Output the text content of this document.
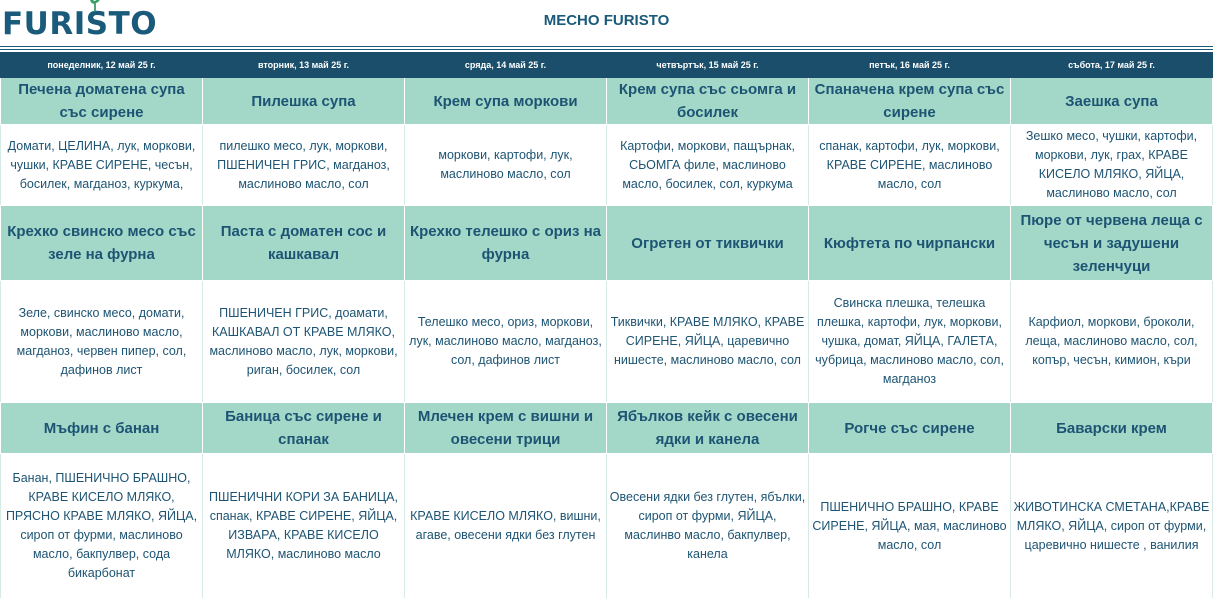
FURISTO	МЕСНО FURISTO
понеделник, 12 май 25 г.	вторник, 13 май 25 г.	сряда, 14 май 25 г.	четвъртък, 15 май 25 г.	петък, 16 май 25 г.	събота, 17 май 25 г.
Печена доматена супа със сирене	Пилешка супа	Крем супа моркови	Крем супа със сьомга и босилек	Спаначена крем супа със сирене	Заешка супа
Домати, ЦЕЛИНА, лук, моркови, чушки, КРАВЕ СИРЕНЕ, чесън, босилек, магданоз, куркума,	пилешко месо, лук, моркови, ПШЕНИЧЕН ГРИС, магданоз, маслиново масло, сол	моркови, картофи, лук, маслиново масло, сол	Картофи, моркови, пащърнак, СЬОМГА филе, маслиново масло, босилек, сол, куркума	спанак, картофи, лук, моркови, КРАВЕ СИРЕНЕ, маслиново масло, сол	Зешко месо, чушки, картофи, моркови, лук, грах, КРАВЕ КИСЕЛО МЛЯКО, ЯЙЦА, маслиново масло, сол
Крехко свинско месо със зеле на фурна	Паста с доматен сос и кашкавал	Крехко телешко с ориз на фурна	Огретен от тиквички	Кюфтета по чирпански	Пюре от червена леща с чесън и задушени зеленчуци
Зеле, свинско месо, домати, моркови, маслиново масло, магданоз, червен пипер, сол, дафинов лист	ПШЕНИЧЕН ГРИС, доамати, КАШКАВАЛ ОТ КРАВЕ МЛЯКО, маслиново масло, лук, моркови, риган, босилек, сол	Телешко месо, ориз, моркови, лук, маслиново масло, магданоз, сол, дафинов лист	Тиквички, КРАВЕ МЛЯКО, КРАВЕ СИРЕНЕ, ЯЙЦА, царевично нишесте, маслиново масло, сол	Свинска плешка, телешка плешка, картофи, лук, моркови, чушка, домат, ЯЙЦА, ГАЛЕТА, чубрица, маслиново масло, сол, магданоз	Карфиол, моркови, броколи, леща, маслиново масло, сол, копър, чесън, кимион, къри
Мъфин с банан	Баница със сирене и спанак	Млечен крем с вишни и овесени трици	Ябълков кейк с овесени ядки и канела	Рогче със сирене	Баварски крем
Банан, ПШЕНИЧНО БРАШНО, КРАВЕ КИСЕЛО МЛЯКО, ПРЯСНО КРАВЕ МЛЯКО, ЯЙЦА, сироп от фурми, маслиново масло, бакпулвер, сода бикарбонат	ПШЕНИЧНИ КОРИ ЗА БАНИЦА, спанак, КРАВЕ СИРЕНЕ, ЯЙЦА, ИЗВАРА, КРАВЕ КИСЕЛО МЛЯКО, маслиново масло	КРАВЕ КИСЕЛО МЛЯКО, вишни, агаве, овесени ядки без глутен	Овесени ядки без глутен, ябълки, сироп от фурми, ЯЙЦА, маслинво масло, бакпулвер, канела	ПШЕНИЧНО БРАШНО, КРАВЕ СИРЕНЕ, ЯЙЦА, мая, маслиново масло, сол	ЖИВОТИНСКА СМЕТАНА,КРАВЕ МЛЯКО, ЯЙЦА, сироп от фурми, царевично нишесте , ванилия
